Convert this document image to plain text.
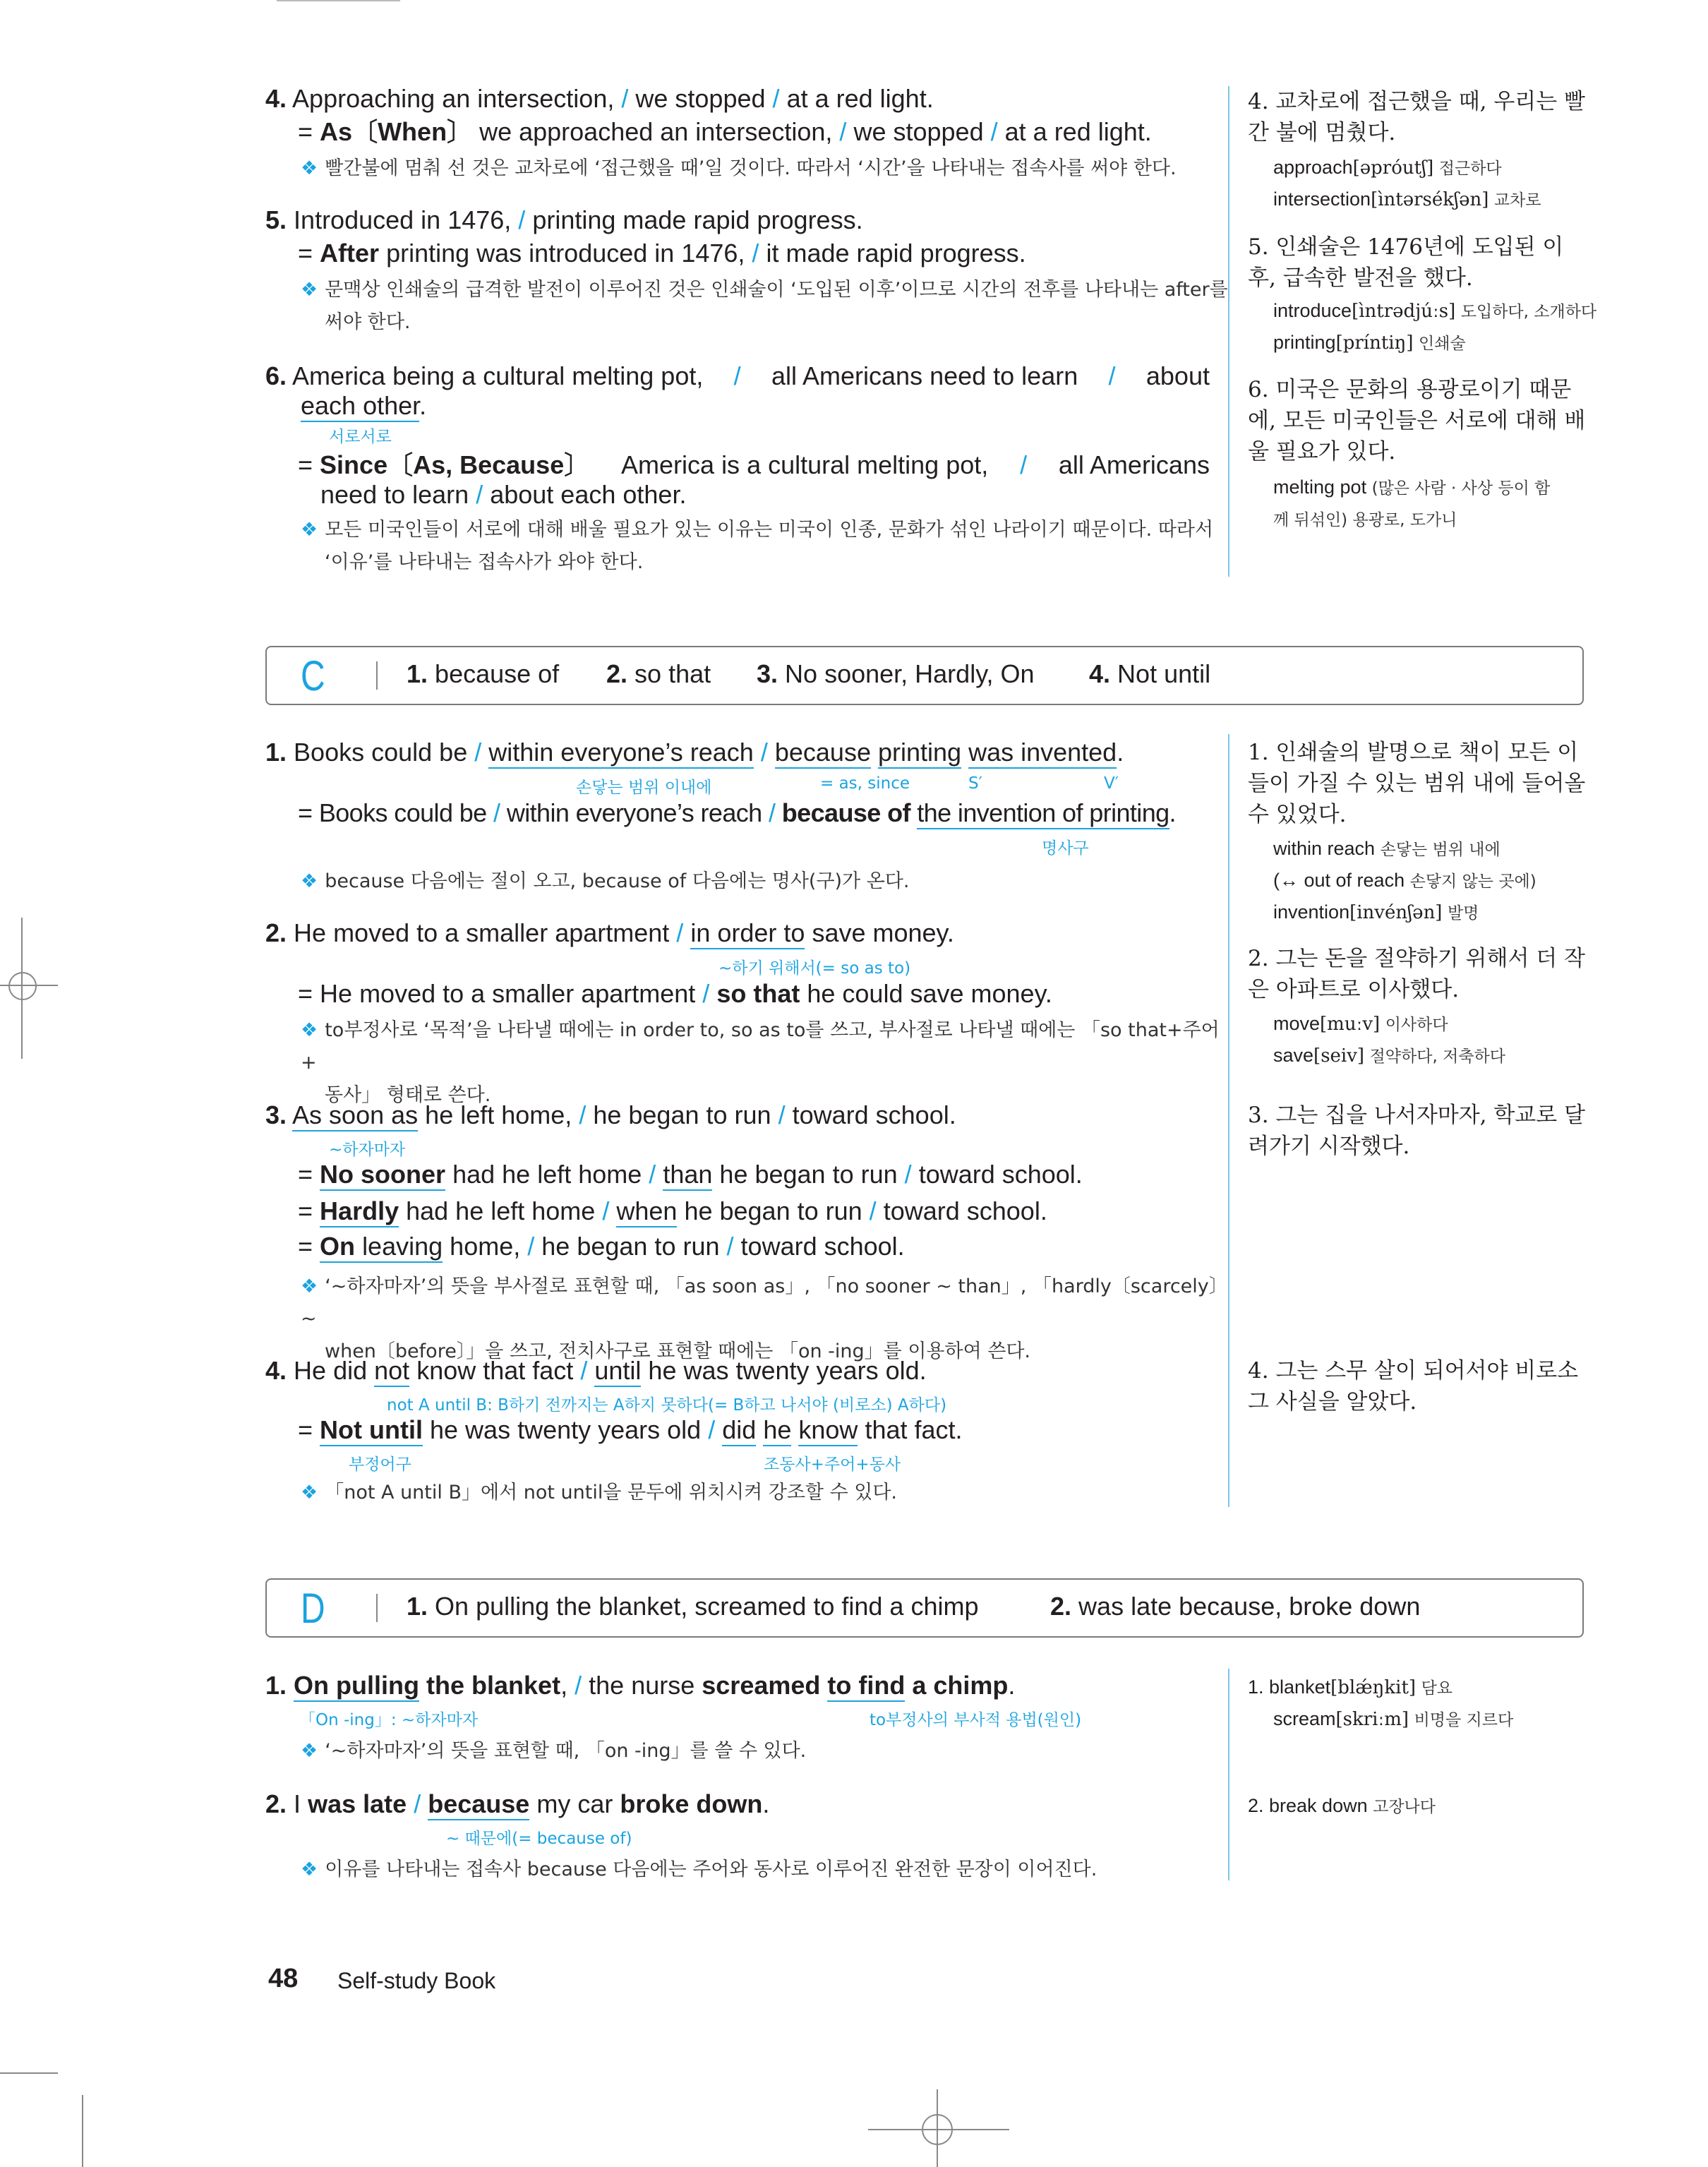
4. Approaching an intersection, / we stopped / at a red light.
= As〔When〕 we approached an intersection, / we stopped / at a red light.
❖ 빨간불에 멈춰 선 것은 교차로에 ‘접근했을 때’일 것이다. 따라서 ‘시간’을 나타내는 접속사를 써야 한다.
4. 교차로에 접근했을 때, 우리는 빨간 불에 멈췄다.
approach[əpróutʃ] 접근하다
intersection[ìntərsékʃən] 교차로
5. Introduced in 1476, / printing made rapid progress.
= After printing was introduced in 1476, / it made rapid progress.
❖ 문맥상 인쇄술의 급격한 발전이 이루어진 것은 인쇄술이 ‘도입된 이후’이므로 시간의 전후를 나타내는 after를
써야 한다.
5. 인쇄술은 1476년에 도입된 이후, 급속한 발전을 했다.
introduce[ìntrədjúːs] 도입하다, 소개하다
printing[príntiŋ] 인쇄술
6. America being a cultural melting pot, / all Americans need to learn / about
each other.
서로서로
= Since〔As, Because〕 America is a cultural melting pot, / all Americans
need to learn / about each other.
❖ 모든 미국인들이 서로에 대해 배울 필요가 있는 이유는 미국이 인종, 문화가 섞인 나라이기 때문이다. 따라서
‘이유’를 나타내는 접속사가 와야 한다.
6. 미국은 문화의 용광로이기 때문에, 모든 미국인들은 서로에 대해 배울 필요가 있다.
melting pot (많은 사람 · 사상 등이 함
께 뒤섞인) 용광로, 도가니
C	1. because of 2. so that 3. No sooner, Hardly, On 4. Not until
1. Books could be / within everyone’s reach / because printing was invented.
손닿는 범위 이내에	= as, since	S′	V′
= Books could be / within everyone’s reach / because of the invention of printing.
명사구
❖ because 다음에는 절이 오고, because of 다음에는 명사(구)가 온다.
1. 인쇄술의 발명으로 책이 모든 이들이 가질 수 있는 범위 내에 들어올 수 있었다.
within reach 손닿는 범위 내에
(↔ out of reach 손닿지 않는 곳에)
invention[invénʃən] 발명
2. He moved to a smaller apartment / in order to save money.
~하기 위해서(= so as to)
= He moved to a smaller apartment / so that he could save money.
❖ to부정사로 ‘목적’을 나타낼 때에는 in order to, so as to를 쓰고, 부사절로 나타낼 때에는 「so that+주어+
동사」 형태로 쓴다.
2. 그는 돈을 절약하기 위해서 더 작은 아파트로 이사했다.
move[muːv] 이사하다
save[seiv] 절약하다, 저축하다
3. As soon as he left home, / he began to run / toward school.
~하자마자
= No sooner had he left home / than he began to run / toward school.
= Hardly had he left home / when he began to run / toward school.
= On leaving home, / he began to run / toward school.
❖ ‘~하자마자’의 뜻을 부사절로 표현할 때, 「as soon as」, 「no sooner ~ than」, 「hardly〔scarcely〕 ~
when〔before〕」을 쓰고, 전치사구로 표현할 때에는 「on -ing」를 이용하여 쓴다.
3. 그는 집을 나서자마자, 학교로 달려가기 시작했다.
4. He did not know that fact / until he was twenty years old.
not A until B: B하기 전까지는 A하지 못하다(= B하고 나서야 (비로소) A하다)
= Not until he was twenty years old / did he know that fact.
부정어구	조동사+주어+동사
❖ 「not A until B」에서 not until을 문두에 위치시켜 강조할 수 있다.
4. 그는 스무 살이 되어서야 비로소 그 사실을 알았다.
D	1. On pulling the blanket, screamed to find a chimp	2. was late because, broke down
1. On pulling the blanket, / the nurse screamed to find a chimp.
「On -ing」: ~하자마자	to부정사의 부사적 용법(원인)
❖ ‘~하자마자’의 뜻을 표현할 때, 「on -ing」를 쓸 수 있다.
1. blanket[blǽŋkit] 담요
scream[skriːm] 비명을 지르다
2. I was late / because my car broke down.
~ 때문에(= because of)
❖ 이유를 나타내는 접속사 because 다음에는 주어와 동사로 이루어진 완전한 문장이 이어진다.
2. break down 고장나다
48 Self-study Book
